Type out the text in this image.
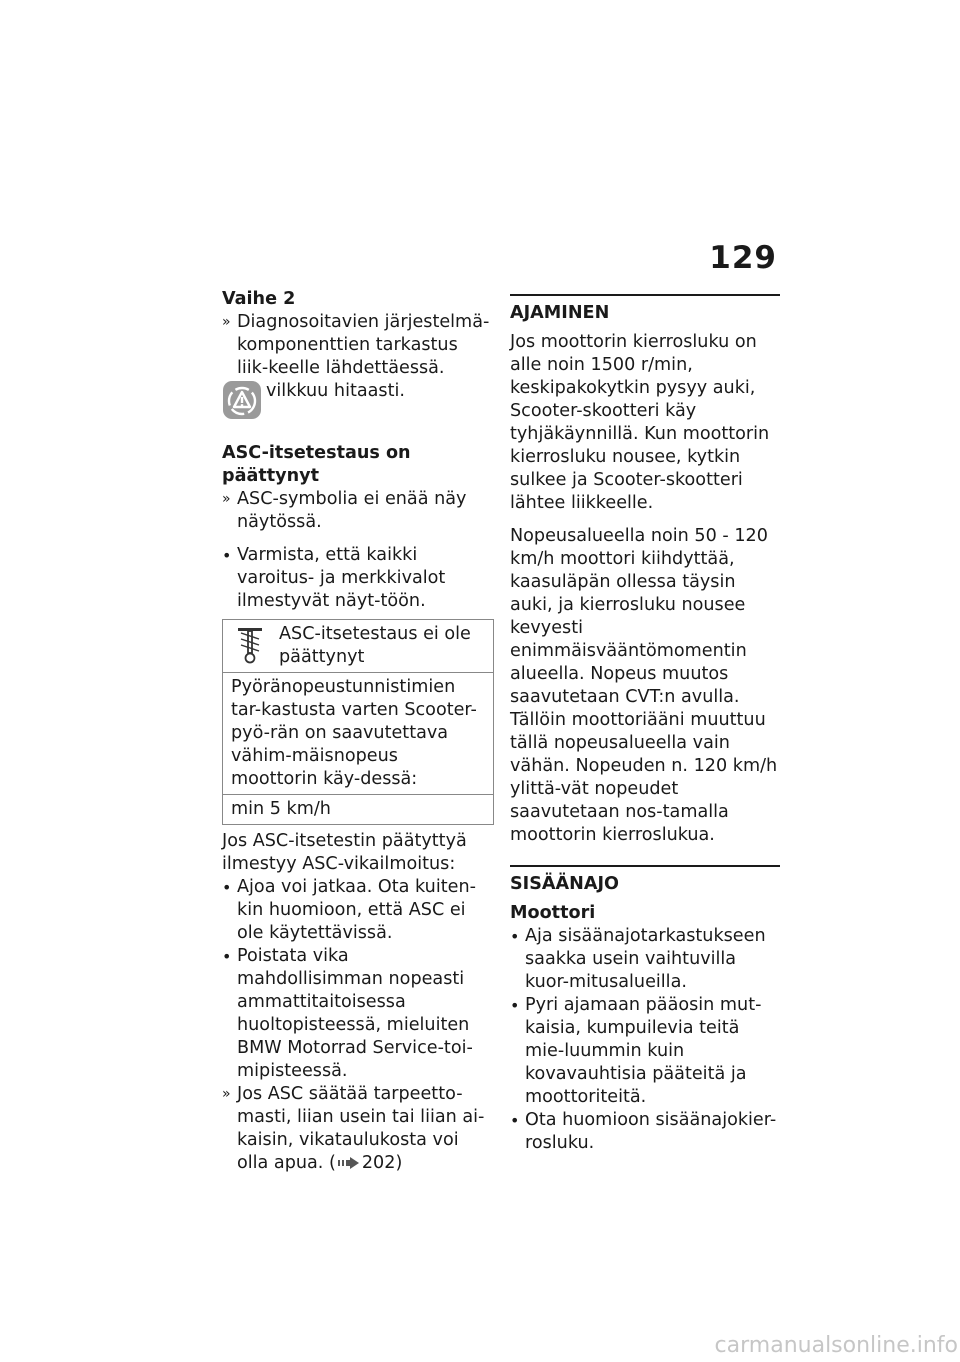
129

Vaihe 2

» Diagnosoitavien järjestelmä-komponenttien tarkastus liik-keelle lähdettäessä.

vilkkuu hitaasti.

ASC-itsetestaus on päättynyt

» ASC-symbolia ei enää näy näytössä.
• Varmista, että kaikki varoitus- ja merkkivalot ilmestyvät näyt-töön.

ASC-itsetestaus ei ole päättynyt

Pyöränopeustunnistimien tar-kastusta varten Scooter-pyö-rän on saavutettava vähim-mäisnopeus moottorin käy-dessä:

min 5 km/h

Jos ASC-itsetestin päätyttyä ilmestyy ASC-vikailmoitus:

• Ajoa voi jatkaa. Ota kuiten-kin huomioon, että ASC ei ole käytettävissä.
• Poistata vika mahdollisimman nopeasti ammattitaitoisessa huoltopisteessä, mieluiten BMW Motorrad Service-toi-mipisteessä.
» Jos ASC säätää tarpeetto-masti, liian usein tai liian ai-kaisin, vikataulukosta voi olla apua. ( 202)

AJAMINEN

Jos moottorin kierrosluku on alle noin 1500 r/min, keskipakokytkin pysyy auki, Scooter-skootteri käy tyhjäkäynnillä. Kun moottorin kierrosluku nousee, kytkin sulkee ja Scooter-skootteri lähtee liikkeelle.

Nopeusalueella noin 50 - 120 km/h moottori kiihdyttää, kaasuläpän ollessa täysin auki, ja kierrosluku nousee kevyesti enimmäisvääntömomentin alueella. Nopeus muutos saavutetaan CVT:n avulla. Tällöin moottoriääni muuttuu tällä nopeusalueella vain vähän. Nopeuden n. 120 km/h ylittä-vät nopeudet saavutetaan nos-tamalla moottorin kierroslukua.

SISÄÄNAJO

Moottori

• Aja sisäänajotarkastukseen saakka usein vaihtuvilla kuor-mitusalueilla.
• Pyri ajamaan pääosin mut-kaisia, kumpuilevia teitä mie-luummin kuin kovavauhtisia pääteitä ja moottoriteitä.
• Ota huomioon sisäänajokier-rosluku.
carmanualsonline.info
